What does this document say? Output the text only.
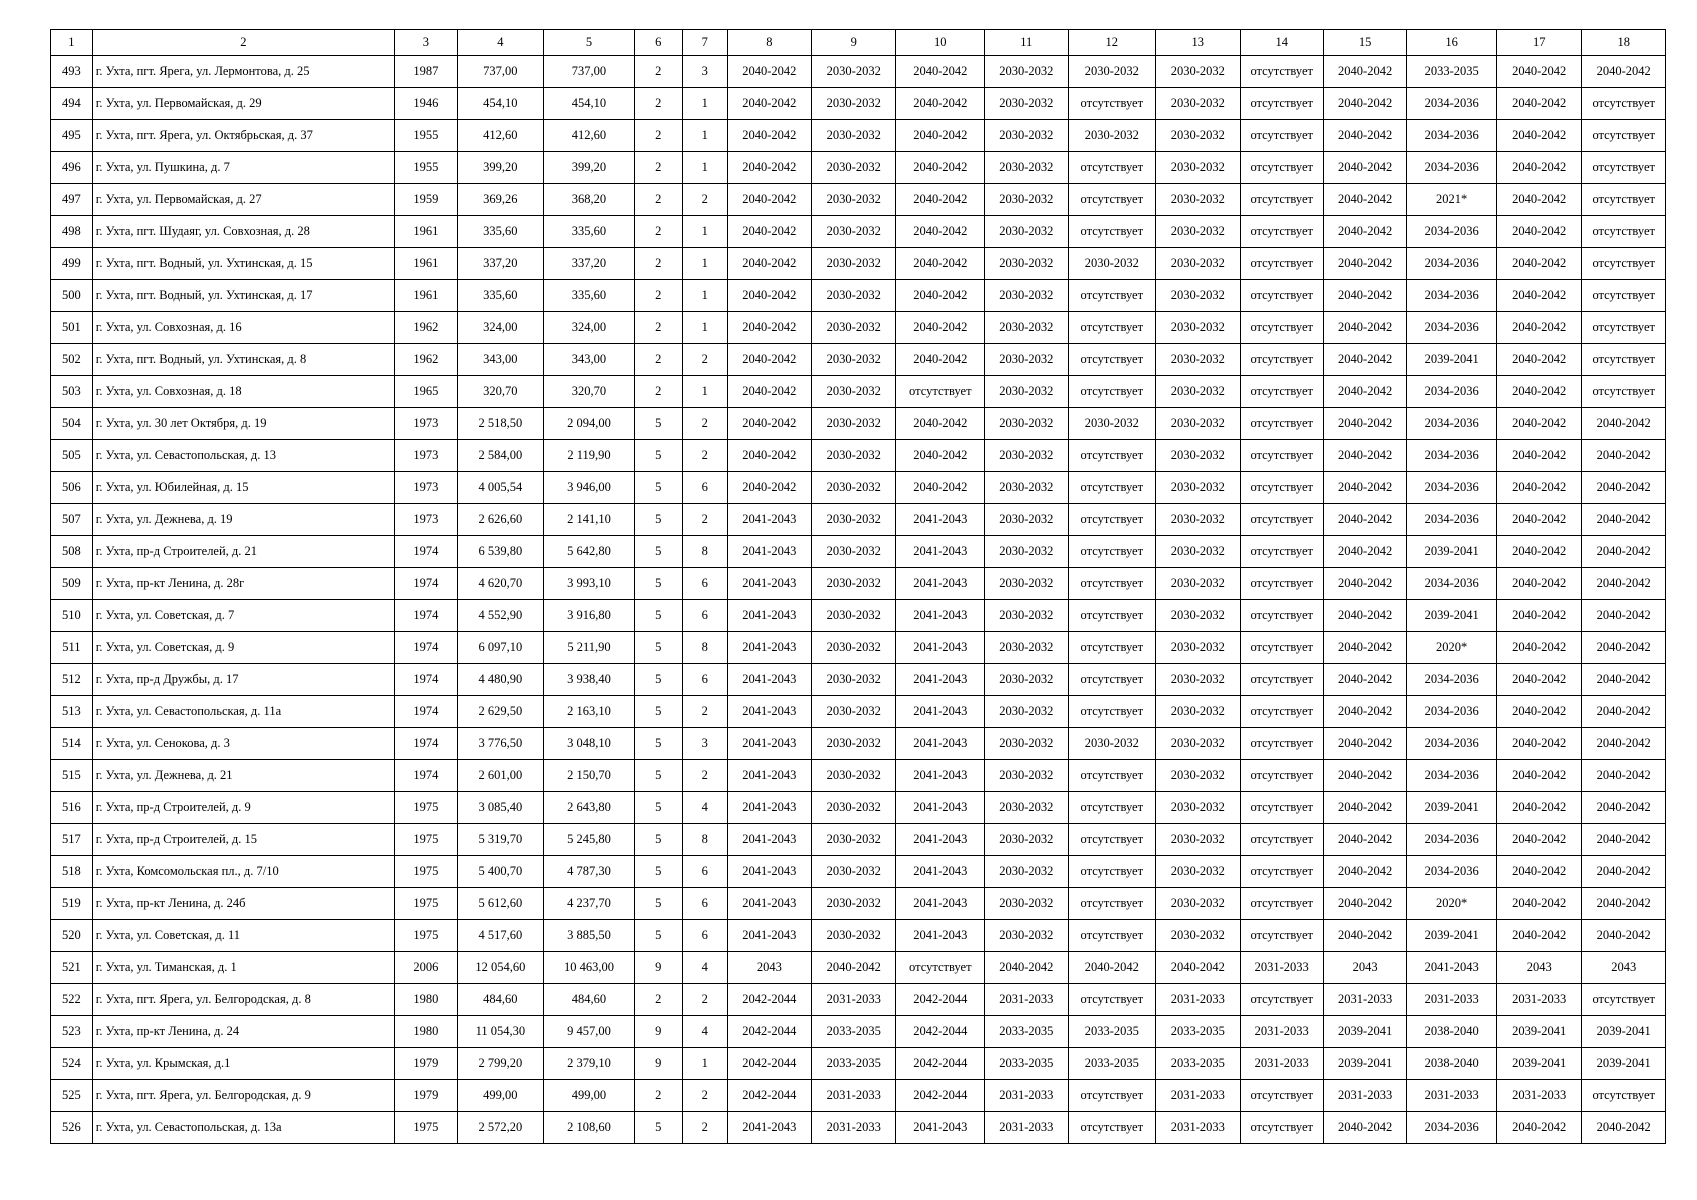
1	2	3	4	5	6	7	8	9	10	11	12	13	14	15	16	17	18
493	г. Ухта, пгт. Ярега, ул. Лермонтова, д. 25	1987	737,00	737,00	2	3	2040-2042	2030-2032	2040-2042	2030-2032	2030-2032	2030-2032	отсутствует	2040-2042	2033-2035	2040-2042	2040-2042
494	г. Ухта, ул. Первомайская, д. 29	1946	454,10	454,10	2	1	2040-2042	2030-2032	2040-2042	2030-2032	отсутствует	2030-2032	отсутствует	2040-2042	2034-2036	2040-2042	отсутствует
495	г. Ухта, пгт. Ярега, ул. Октябрьская, д. 37	1955	412,60	412,60	2	1	2040-2042	2030-2032	2040-2042	2030-2032	2030-2032	2030-2032	отсутствует	2040-2042	2034-2036	2040-2042	отсутствует
496	г. Ухта, ул. Пушкина, д. 7	1955	399,20	399,20	2	1	2040-2042	2030-2032	2040-2042	2030-2032	отсутствует	2030-2032	отсутствует	2040-2042	2034-2036	2040-2042	отсутствует
497	г. Ухта, ул. Первомайская, д. 27	1959	369,26	368,20	2	2	2040-2042	2030-2032	2040-2042	2030-2032	отсутствует	2030-2032	отсутствует	2040-2042	2021*	2040-2042	отсутствует
498	г. Ухта, пгт. Шудаяг, ул. Совхозная, д. 28	1961	335,60	335,60	2	1	2040-2042	2030-2032	2040-2042	2030-2032	отсутствует	2030-2032	отсутствует	2040-2042	2034-2036	2040-2042	отсутствует
499	г. Ухта, пгт. Водный, ул. Ухтинская, д. 15	1961	337,20	337,20	2	1	2040-2042	2030-2032	2040-2042	2030-2032	2030-2032	2030-2032	отсутствует	2040-2042	2034-2036	2040-2042	отсутствует
500	г. Ухта, пгт. Водный, ул. Ухтинская, д. 17	1961	335,60	335,60	2	1	2040-2042	2030-2032	2040-2042	2030-2032	отсутствует	2030-2032	отсутствует	2040-2042	2034-2036	2040-2042	отсутствует
501	г. Ухта, ул. Совхозная, д. 16	1962	324,00	324,00	2	1	2040-2042	2030-2032	2040-2042	2030-2032	отсутствует	2030-2032	отсутствует	2040-2042	2034-2036	2040-2042	отсутствует
502	г. Ухта, пгт. Водный, ул. Ухтинская, д. 8	1962	343,00	343,00	2	2	2040-2042	2030-2032	2040-2042	2030-2032	отсутствует	2030-2032	отсутствует	2040-2042	2039-2041	2040-2042	отсутствует
503	г. Ухта, ул. Совхозная, д. 18	1965	320,70	320,70	2	1	2040-2042	2030-2032	отсутствует	2030-2032	отсутствует	2030-2032	отсутствует	2040-2042	2034-2036	2040-2042	отсутствует
504	г. Ухта, ул. 30 лет Октября, д. 19	1973	2 518,50	2 094,00	5	2	2040-2042	2030-2032	2040-2042	2030-2032	2030-2032	2030-2032	отсутствует	2040-2042	2034-2036	2040-2042	2040-2042
505	г. Ухта, ул. Севастопольская, д. 13	1973	2 584,00	2 119,90	5	2	2040-2042	2030-2032	2040-2042	2030-2032	отсутствует	2030-2032	отсутствует	2040-2042	2034-2036	2040-2042	2040-2042
506	г. Ухта, ул. Юбилейная, д. 15	1973	4 005,54	3 946,00	5	6	2040-2042	2030-2032	2040-2042	2030-2032	отсутствует	2030-2032	отсутствует	2040-2042	2034-2036	2040-2042	2040-2042
507	г. Ухта, ул. Дежнева, д. 19	1973	2 626,60	2 141,10	5	2	2041-2043	2030-2032	2041-2043	2030-2032	отсутствует	2030-2032	отсутствует	2040-2042	2034-2036	2040-2042	2040-2042
508	г. Ухта, пр-д Строителей, д. 21	1974	6 539,80	5 642,80	5	8	2041-2043	2030-2032	2041-2043	2030-2032	отсутствует	2030-2032	отсутствует	2040-2042	2039-2041	2040-2042	2040-2042
509	г. Ухта, пр-кт Ленина, д. 28г	1974	4 620,70	3 993,10	5	6	2041-2043	2030-2032	2041-2043	2030-2032	отсутствует	2030-2032	отсутствует	2040-2042	2034-2036	2040-2042	2040-2042
510	г. Ухта, ул. Советская, д. 7	1974	4 552,90	3 916,80	5	6	2041-2043	2030-2032	2041-2043	2030-2032	отсутствует	2030-2032	отсутствует	2040-2042	2039-2041	2040-2042	2040-2042
511	г. Ухта, ул. Советская, д. 9	1974	6 097,10	5 211,90	5	8	2041-2043	2030-2032	2041-2043	2030-2032	отсутствует	2030-2032	отсутствует	2040-2042	2020*	2040-2042	2040-2042
512	г. Ухта, пр-д Дружбы, д. 17	1974	4 480,90	3 938,40	5	6	2041-2043	2030-2032	2041-2043	2030-2032	отсутствует	2030-2032	отсутствует	2040-2042	2034-2036	2040-2042	2040-2042
513	г. Ухта, ул. Севастопольская, д. 11а	1974	2 629,50	2 163,10	5	2	2041-2043	2030-2032	2041-2043	2030-2032	отсутствует	2030-2032	отсутствует	2040-2042	2034-2036	2040-2042	2040-2042
514	г. Ухта, ул. Сенокова, д. 3	1974	3 776,50	3 048,10	5	3	2041-2043	2030-2032	2041-2043	2030-2032	2030-2032	2030-2032	отсутствует	2040-2042	2034-2036	2040-2042	2040-2042
515	г. Ухта, ул. Дежнева, д. 21	1974	2 601,00	2 150,70	5	2	2041-2043	2030-2032	2041-2043	2030-2032	отсутствует	2030-2032	отсутствует	2040-2042	2034-2036	2040-2042	2040-2042
516	г. Ухта, пр-д Строителей, д. 9	1975	3 085,40	2 643,80	5	4	2041-2043	2030-2032	2041-2043	2030-2032	отсутствует	2030-2032	отсутствует	2040-2042	2039-2041	2040-2042	2040-2042
517	г. Ухта, пр-д Строителей, д. 15	1975	5 319,70	5 245,80	5	8	2041-2043	2030-2032	2041-2043	2030-2032	отсутствует	2030-2032	отсутствует	2040-2042	2034-2036	2040-2042	2040-2042
518	г. Ухта, Комсомольская пл., д. 7/10	1975	5 400,70	4 787,30	5	6	2041-2043	2030-2032	2041-2043	2030-2032	отсутствует	2030-2032	отсутствует	2040-2042	2034-2036	2040-2042	2040-2042
519	г. Ухта, пр-кт Ленина, д. 24б	1975	5 612,60	4 237,70	5	6	2041-2043	2030-2032	2041-2043	2030-2032	отсутствует	2030-2032	отсутствует	2040-2042	2020*	2040-2042	2040-2042
520	г. Ухта, ул. Советская, д. 11	1975	4 517,60	3 885,50	5	6	2041-2043	2030-2032	2041-2043	2030-2032	отсутствует	2030-2032	отсутствует	2040-2042	2039-2041	2040-2042	2040-2042
521	г. Ухта, ул. Тиманская, д. 1	2006	12 054,60	10 463,00	9	4	2043	2040-2042	отсутствует	2040-2042	2040-2042	2040-2042	2031-2033	2043	2041-2043	2043	2043
522	г. Ухта, пгт. Ярега, ул. Белгородская, д. 8	1980	484,60	484,60	2	2	2042-2044	2031-2033	2042-2044	2031-2033	отсутствует	2031-2033	отсутствует	2031-2033	2031-2033	2031-2033	отсутствует
523	г. Ухта, пр-кт Ленина, д. 24	1980	11 054,30	9 457,00	9	4	2042-2044	2033-2035	2042-2044	2033-2035	2033-2035	2033-2035	2031-2033	2039-2041	2038-2040	2039-2041	2039-2041
524	г. Ухта, ул. Крымская, д.1	1979	2 799,20	2 379,10	9	1	2042-2044	2033-2035	2042-2044	2033-2035	2033-2035	2033-2035	2031-2033	2039-2041	2038-2040	2039-2041	2039-2041
525	г. Ухта, пгт. Ярега, ул. Белгородская, д. 9	1979	499,00	499,00	2	2	2042-2044	2031-2033	2042-2044	2031-2033	отсутствует	2031-2033	отсутствует	2031-2033	2031-2033	2031-2033	отсутствует
526	г. Ухта, ул. Севастопольская, д. 13а	1975	2 572,20	2 108,60	5	2	2041-2043	2031-2033	2041-2043	2031-2033	отсутствует	2031-2033	отсутствует	2040-2042	2034-2036	2040-2042	2040-2042
